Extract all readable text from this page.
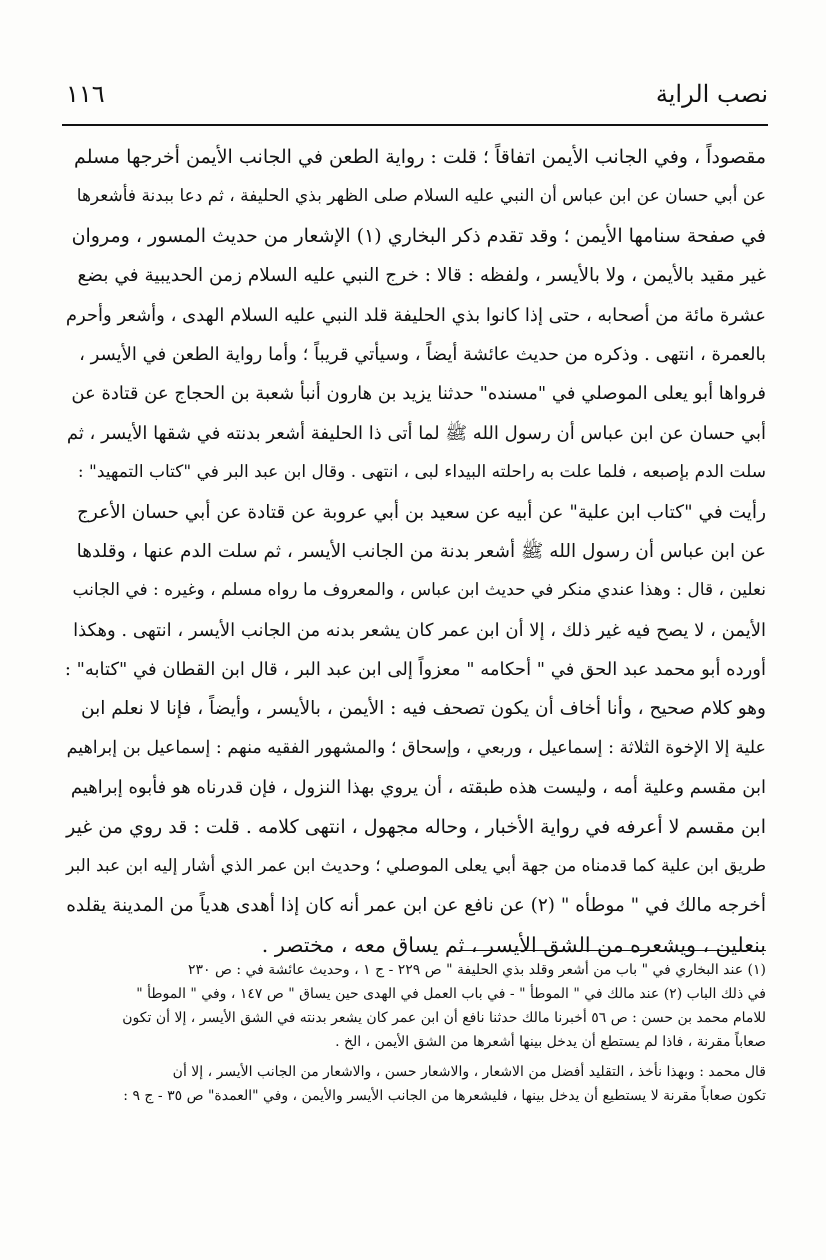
نصب الراية
١١٦
مقصوداً ، وفي الجانب الأيمن اتفاقاً ؛ قلت : رواية الطعن في الجانب الأيمن أخرجها مسلم
عن أبي حسان عن ابن عباس أن النبي عليه السلام صلى الظهر بذي الحليفة ، ثم دعا ببدنة فأشعرها
في صفحة سنامها الأيمن ؛ وقد تقدم ذكر البخاري (١) الإشعار من حديث المسور ، ومروان
غير مقيد بالأيمن ، ولا بالأيسر ، ولفظه : قالا : خرج النبي عليه السلام زمن الحديبية في بضع
عشرة مائة من أصحابه ، حتى إذا كانوا بذي الحليفة قلد النبي عليه السلام الهدى ، وأشعر وأحرم
بالعمرة ، انتهى . وذكره من حديث عائشة أيضاً ، وسيأتي قريباً ؛ وأما رواية الطعن في الأيسر ،
فرواها أبو يعلى الموصلي في "مسنده" حدثنا يزيد بن هارون أنبأ شعبة بن الحجاج عن قتادة عن
أبي حسان عن ابن عباس أن رسول الله ﷺ لما أتى ذا الحليفة أشعر بدنته في شقها الأيسر ، ثم
سلت الدم بإصبعه ، فلما علت به راحلته البيداء لبى ، انتهى . وقال ابن عبد البر في "كتاب التمهيد" :
رأيت في "كتاب ابن علية" عن أبيه عن سعيد بن أبي عروبة عن قتادة عن أبي حسان الأعرج
عن ابن عباس أن رسول الله ﷺ أشعر بدنة من الجانب الأيسر ، ثم سلت الدم عنها ، وقلدها
نعلين ، قال : وهذا عندي منكر في حديث ابن عباس ، والمعروف ما رواه مسلم ، وغيره : في الجانب
الأيمن ، لا يصح فيه غير ذلك ، إلا أن ابن عمر كان يشعر بدنه من الجانب الأيسر ، انتهى . وهكذا
أورده أبو محمد عبد الحق في " أحكامه " معزواً إلى ابن عبد البر ، قال ابن القطان في "كتابه" :
وهو كلام صحيح ، وأنا أخاف أن يكون تصحف فيه : الأيمن ، بالأيسر ، وأيضاً ، فإنا لا نعلم ابن
علية إلا الإخوة الثلاثة : إسماعيل ، وربعي ، وإسحاق ؛ والمشهور الفقيه منهم : إسماعيل بن إبراهيم
ابن مقسم وعلية أمه ، وليست هذه طبقته ، أن يروي بهذا النزول ، فإن قدرناه هو فأبوه إبراهيم
ابن مقسم لا أعرفه في رواية الأخبار ، وحاله مجهول ، انتهى كلامه . قلت : قد روي من غير
طريق ابن علية كما قدمناه من جهة أبي يعلى الموصلي ؛ وحديث ابن عمر الذي أشار إليه ابن عبد البر
أخرجه مالك في " موطأه " (٢) عن نافع عن ابن عمر أنه كان إذا أهدى هدياً من المدينة يقلده
بنعلين ، ويشعره من الشق الأيسر ، ثم يساق معه ، مختصر .
(١) عند البخاري في " باب من أشعر وقلد بذي الحليفة " ص ٢٢٩ - ج ١ ، وحديث عائشة في : ص ٢٣٠
في ذلك الباب (٢) عند مالك في " الموطأ " - في باب العمل في الهدى حين يساق " ص ١٤٧ ، وفي " الموطأ "
للامام محمد بن حسن : ص ٥٦ أخبرنا مالك حدثنا نافع أن ابن عمر كان يشعر بدنته في الشق الأيسر ، إلا أن تكون
صعاباً مقرنة ، فاذا لم يستطع أن يدخل بينها أشعرها من الشق الأيمن ، الخ .
قال محمد : وبهذا نأخذ ، التقليد أفضل من الاشعار ، والاشعار حسن ، والاشعار من الجانب الأيسر ، إلا أن
تكون صعاباً مقرنة لا يستطيع أن يدخل بينها ، فليشعرها من الجانب الأيسر والأيمن ، وفي "العمدة" ص ٣٥ - ج ٩ :
